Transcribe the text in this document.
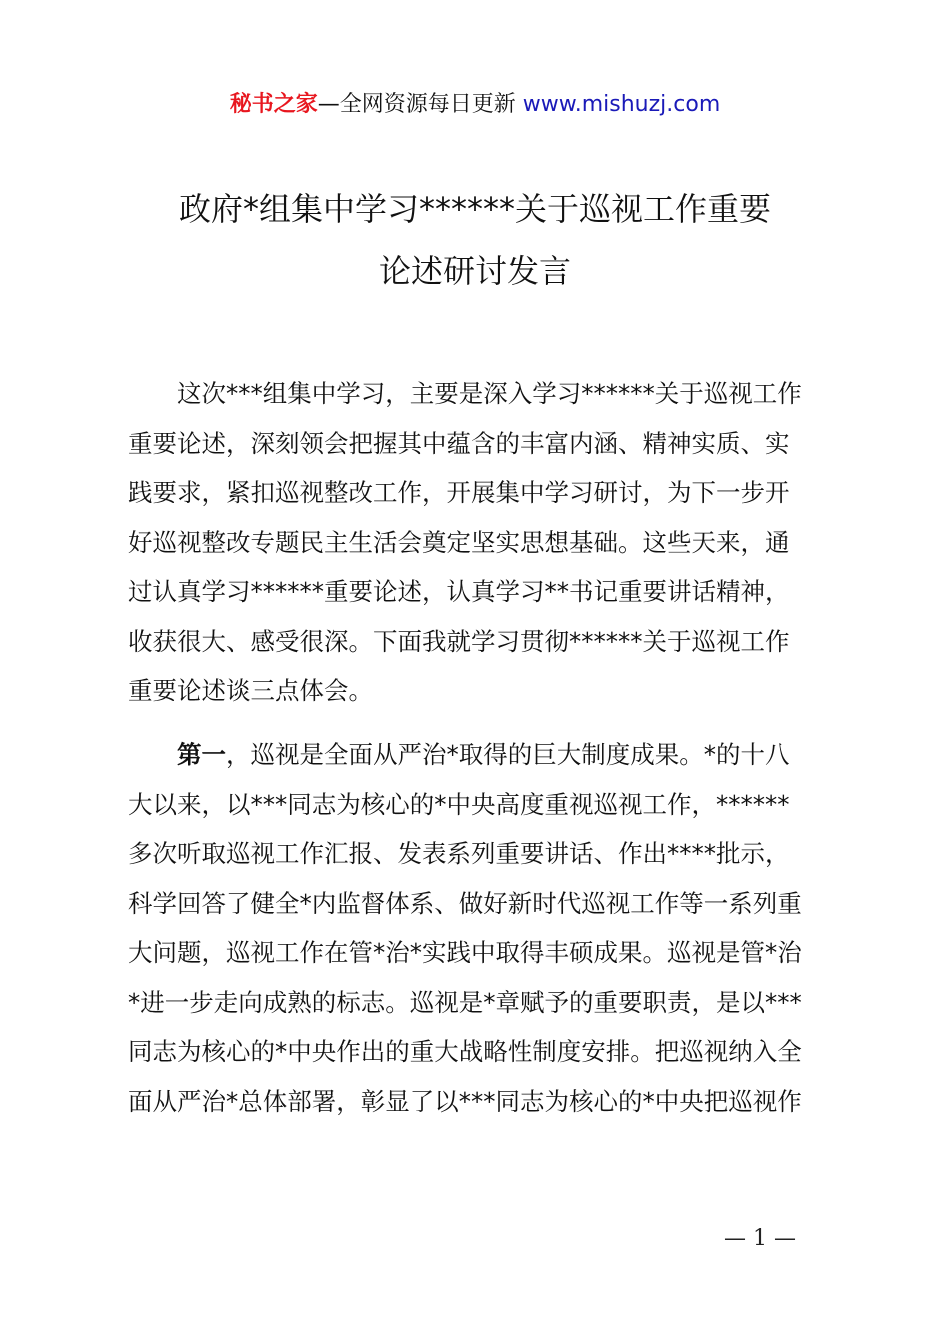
秘书之家—全网资源每日更新 www.mishuzj.com
政府*组集中学习******关于巡视工作重要
论述研讨发言
这次***组集中学习，主要是深入学习******关于巡视工作
重要论述，深刻领会把握其中蕴含的丰富内涵、精神实质、实
践要求，紧扣巡视整改工作，开展集中学习研讨，为下一步开
好巡视整改专题民主生活会奠定坚实思想基础。这些天来，通
过认真学习******重要论述，认真学习**书记重要讲话精神，
收获很大、感受很深。下面我就学习贯彻******关于巡视工作
重要论述谈三点体会。
第一，巡视是全面从严治*取得的巨大制度成果。*的十八
大以来，以***同志为核心的*中央高度重视巡视工作，******
多次听取巡视工作汇报、发表系列重要讲话、作出****批示，
科学回答了健全*内监督体系、做好新时代巡视工作等一系列重
大问题，巡视工作在管*治*实践中取得丰硕成果。巡视是管*治
*进一步走向成熟的标志。巡视是*章赋予的重要职责，是以***
同志为核心的*中央作出的重大战略性制度安排。把巡视纳入全
面从严治*总体部署，彰显了以***同志为核心的*中央把巡视作
— 1 —
